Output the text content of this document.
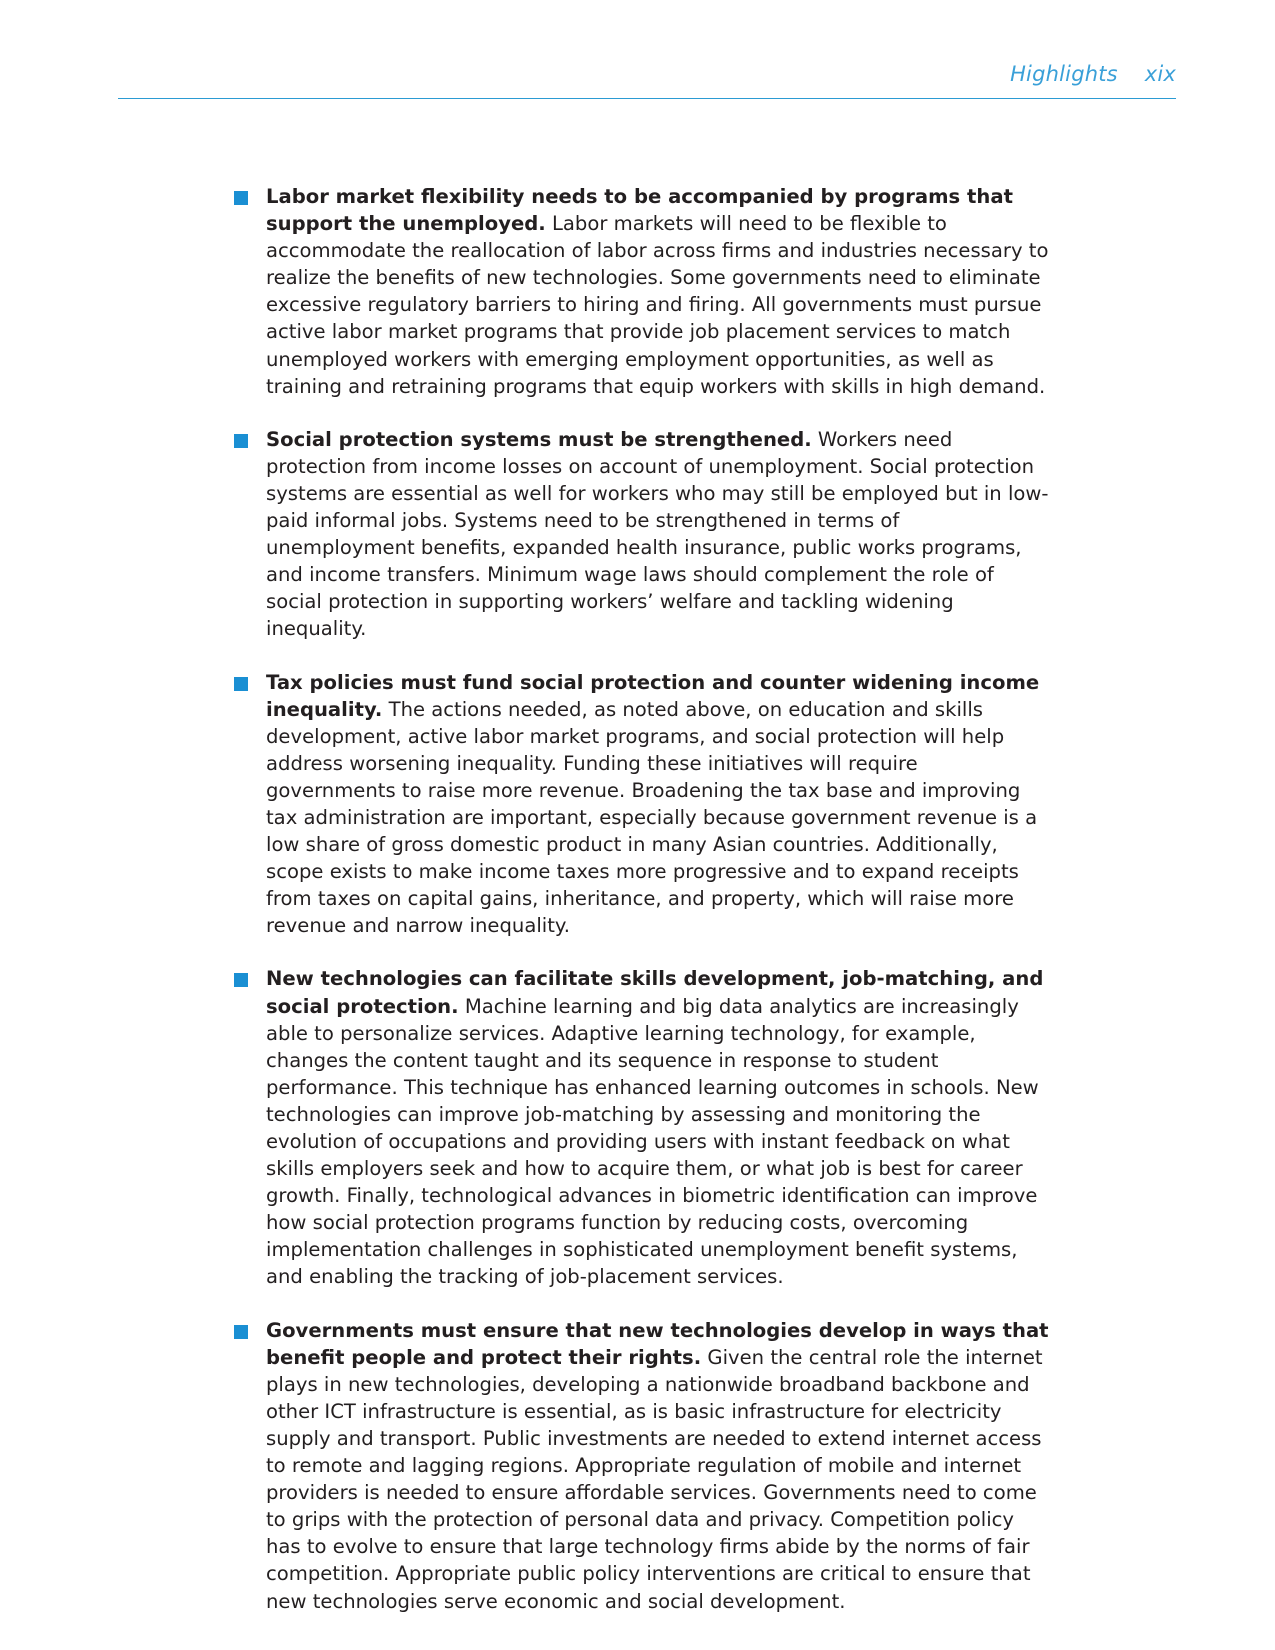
Highlights xix
Labor market flexibility needs to be accompanied by programs that support the unemployed. Labor markets will need to be flexible to accommodate the reallocation of labor across firms and industries necessary to realize the benefits of new technologies. Some governments need to eliminate excessive regulatory barriers to hiring and firing. All governments must pursue active labor market programs that provide job placement services to match unemployed workers with emerging employment opportunities, as well as training and retraining programs that equip workers with skills in high demand.
Social protection systems must be strengthened. Workers need protection from income losses on account of unemployment. Social protection systems are essential as well for workers who may still be employed but in low-paid informal jobs. Systems need to be strengthened in terms of unemployment benefits, expanded health insurance, public works programs, and income transfers. Minimum wage laws should complement the role of social protection in supporting workers’ welfare and tackling widening inequality.
Tax policies must fund social protection and counter widening income inequality. The actions needed, as noted above, on education and skills development, active labor market programs, and social protection will help address worsening inequality. Funding these initiatives will require governments to raise more revenue. Broadening the tax base and improving tax administration are important, especially because government revenue is a low share of gross domestic product in many Asian countries. Additionally, scope exists to make income taxes more progressive and to expand receipts from taxes on capital gains, inheritance, and property, which will raise more revenue and narrow inequality.
New technologies can facilitate skills development, job-matching, and social protection. Machine learning and big data analytics are increasingly able to personalize services. Adaptive learning technology, for example, changes the content taught and its sequence in response to student performance. This technique has enhanced learning outcomes in schools. New technologies can improve job-matching by assessing and monitoring the evolution of occupations and providing users with instant feedback on what skills employers seek and how to acquire them, or what job is best for career growth. Finally, technological advances in biometric identification can improve how social protection programs function by reducing costs, overcoming implementation challenges in sophisticated unemployment benefit systems, and enabling the tracking of job-placement services.
Governments must ensure that new technologies develop in ways that benefit people and protect their rights. Given the central role the internet plays in new technologies, developing a nationwide broadband backbone and other ICT infrastructure is essential, as is basic infrastructure for electricity supply and transport. Public investments are needed to extend internet access to remote and lagging regions. Appropriate regulation of mobile and internet providers is needed to ensure affordable services. Governments need to come to grips with the protection of personal data and privacy. Competition policy has to evolve to ensure that large technology firms abide by the norms of fair competition. Appropriate public policy interventions are critical to ensure that new technologies serve economic and social development.
